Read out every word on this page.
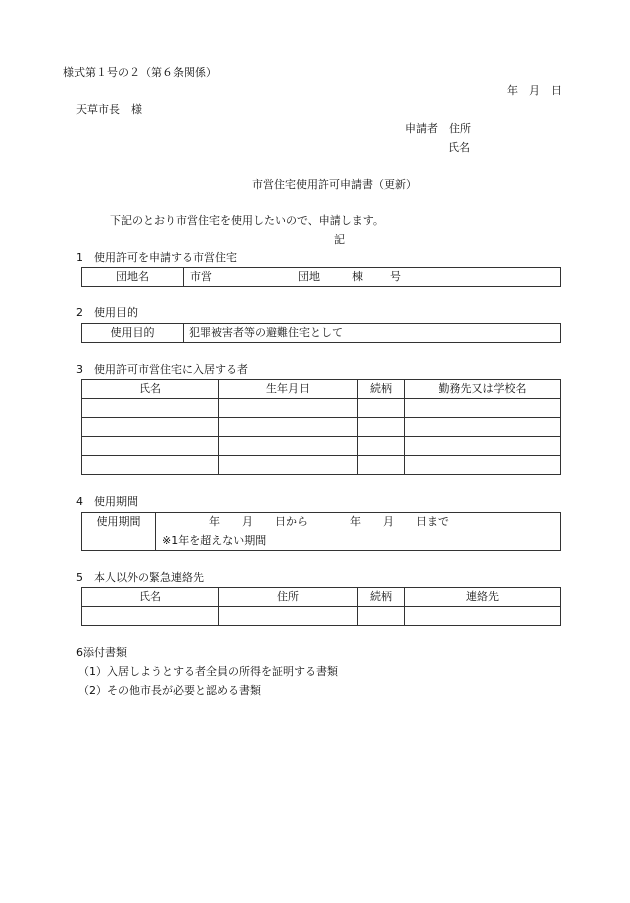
様式第１号の２（第６条関係）
年　月　日
天草市長　様
申請者　住所
氏名
市営住宅使用許可申請書（更新）
下記のとおり市営住宅を使用したいので、申請します。
記
1　使用許可を申請する市営住宅
団地名	市営	団地	棟 号
2　使用目的
使用目的	犯罪被害者等の避難住宅として
3　使用許可市営住宅に入居する者
氏名	生年月日	続柄	勤務先又は学校名

4　使用期間
使用期間	年　　月　　日から	年　　月　　日まで
※1年を超えない期間
5　本人以外の緊急連絡先
氏名	住所	続柄	連絡先

6添付書類
（1）入居しようとする者全員の所得を証明する書類
（2）その他市長が必要と認める書類
